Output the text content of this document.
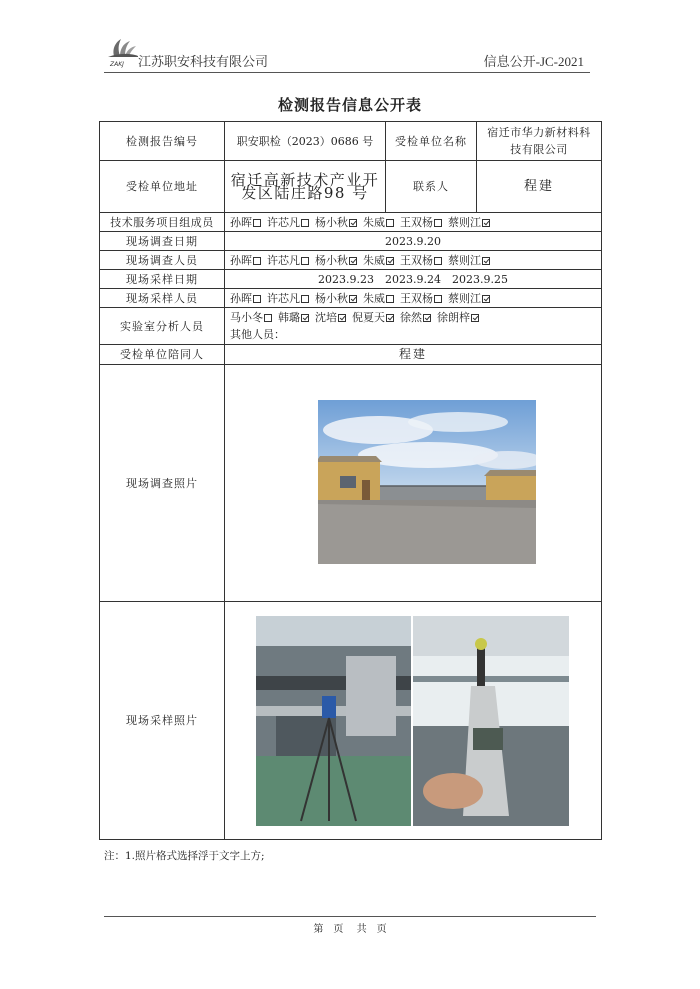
ZAKJ 江苏职安科技有限公司	信息公开-JC-2021
检测报告信息公开表
检测报告编号	职安职检（2023）0686 号	受检单位名称	宿迁市华力新材料科技有限公司
受检单位地址	宿迁高新技术产业开发区陆庄路98 号	联系人	程建
技术服务项目组成员	孙晖 许芯凡 杨小秋 朱威 王双杨 蔡则江		
现场调查日期	2023.9.20		
现场调查人员	孙晖 许芯凡 杨小秋 朱威 王双杨 蔡则江		
现场采样日期	2023.9.23　2023.9.24　2023.9.25		
现场采样人员	孙晖 许芯凡 杨小秋 朱威 王双杨 蔡则江		
实验室分析人员	马小冬 韩璐 沈培 倪夏天 徐然 徐朗梓
其他人员：		

受检单位陪同人	程建		
现场调查照片	

现场采样照片	
注：1.照片格式选择浮于文字上方;
第　页 共　页
